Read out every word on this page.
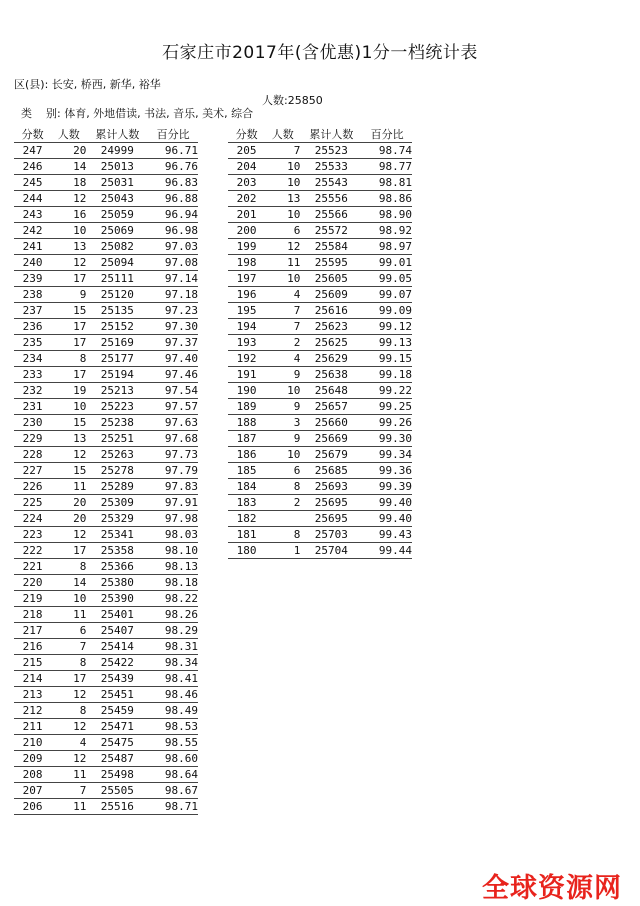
石家庄市2017年(含优惠)1分一档统计表
区(县): 长安, 桥西, 新华, 裕华

类    别: 体育, 外地借读, 书法, 音乐, 美术, 综合

人数:25850

分数	人数	累计人数	百分比
247	20	24999	96.71
246	14	25013	96.76
245	18	25031	96.83
244	12	25043	96.88
243	16	25059	96.94
242	10	25069	96.98
241	13	25082	97.03
240	12	25094	97.08
239	17	25111	97.14
238	9	25120	97.18
237	15	25135	97.23
236	17	25152	97.30
235	17	25169	97.37
234	8	25177	97.40
233	17	25194	97.46
232	19	25213	97.54
231	10	25223	97.57
230	15	25238	97.63
229	13	25251	97.68
228	12	25263	97.73
227	15	25278	97.79
226	11	25289	97.83
225	20	25309	97.91
224	20	25329	97.98
223	12	25341	98.03
222	17	25358	98.10
221	8	25366	98.13
220	14	25380	98.18
219	10	25390	98.22
218	11	25401	98.26
217	6	25407	98.29
216	7	25414	98.31
215	8	25422	98.34
214	17	25439	98.41
213	12	25451	98.46
212	8	25459	98.49
211	12	25471	98.53
210	4	25475	98.55
209	12	25487	98.60
208	11	25498	98.64
207	7	25505	98.67
206	11	25516	98.71
分数	人数	累计人数	百分比
205	7	25523	98.74
204	10	25533	98.77
203	10	25543	98.81
202	13	25556	98.86
201	10	25566	98.90
200	6	25572	98.92
199	12	25584	98.97
198	11	25595	99.01
197	10	25605	99.05
196	4	25609	99.07
195	7	25616	99.09
194	7	25623	99.12
193	2	25625	99.13
192	4	25629	99.15
191	9	25638	99.18
190	10	25648	99.22
189	9	25657	99.25
188	3	25660	99.26
187	9	25669	99.30
186	10	25679	99.34
185	6	25685	99.36
184	8	25693	99.39
183	2	25695	99.40
182		25695	99.40
181	8	25703	99.43
180	1	25704	99.44
全球资源网
